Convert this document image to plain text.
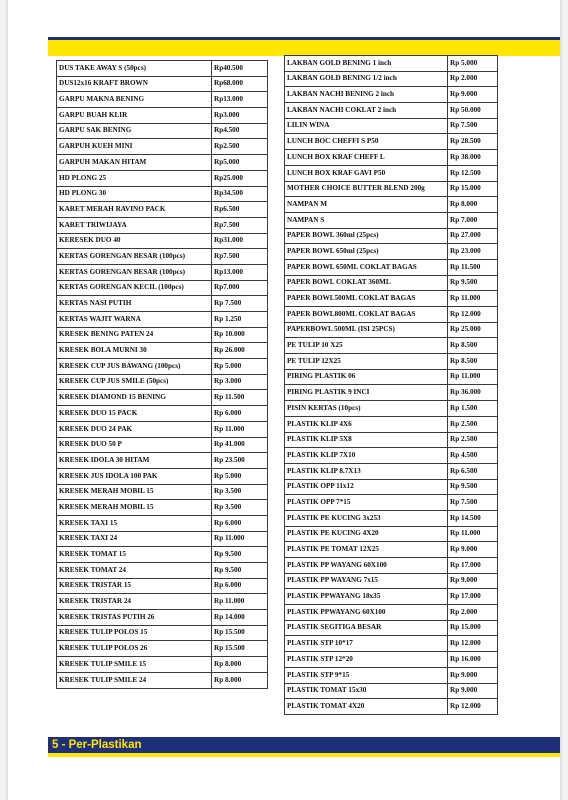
DUS TAKE AWAY S (50pcs)	Rp40.500
DUS12x16 KRAFT BROWN	Rp68.000
GARPU MAKNA BENING	Rp13.000
GARPU BUAH KLIR	Rp3.000
GARPU SAK BENING	Rp4.500
GARPUH KUEH MINI	Rp2.500
GARPUH MAKAN HITAM	Rp5.000
HD PLONG 25	Rp25.000
HD PLONG 30	Rp34.500
KARET MERAH RAVINO PACK	Rp6.500
KARET TRIWIJAYA	Rp7.500
KERESEK DUO 40	Rp31.000
KERTAS GORENGAN BESAR (100pcs)	Rp7.500
KERTAS GORENGAN BESAR (100pcs)	Rp13.000
KERTAS GORENGAN KECIL (100pcs)	Rp7.000
KERTAS NASI PUTIH	Rp 7.500
KERTAS WAJIT WARNA	Rp 1.250
KRESEK BENING PATEN 24	Rp 10.000
KRESEK BOLA MURNI 30	Rp 26.000
KRESEK CUP JUS BAWANG (100pcs)	Rp 5.000
KRESEK CUP JUS SMILE (50pcs)	Rp 3.000
KRESEK DIAMOND 15 BENING	Rp 11.500
KRESEK DUO 15 PACK	Rp 6.000
KRESEK DUO 24 PAK	Rp 11.000
KRESEK DUO 50 P	Rp 41.000
KRESEK IDOLA 30 HITAM	Rp 23.500
KRESEK JUS IDOLA 100 PAK	Rp 5.000
KRESEK MERAH MOBIL 15	Rp 3.500
KRESEK MERAH MOBIL 15	Rp 3.500
KRESEK TAXI 15	Rp 6.000
KRESEK TAXI 24	Rp 11.000
KRESEK TOMAT 15	Rp 9.500
KRESEK TOMAT 24	Rp 9.500
KRESEK TRISTAR 15	Rp 6.000
KRESEK TRISTAR 24	Rp 11.000
KRESEK TRISTAS PUTIH 26	Rp 14.000
KRESEK TULIP POLOS 15	Rp 15.500
KRESEK TULIP POLOS 26	Rp 15.500
KRESEK TULIP SMILE 15	Rp 8.000
KRESEK TULIP SMILE 24	Rp 8.000
LAKBAN GOLD BENING 1 inch	Rp 5.000
LAKBAN GOLD BENING 1/2 inch	Rp 2.000
LAKBAN NACHI BENING 2 inch	Rp 9.000
LAKBAN NACHI COKLAT 2 inch	Rp 50.000
LILIN WINA	Rp 7.500
LUNCH BOC CHEFFI S P50	Rp 28.500
LUNCH BOX KRAF CHEFF L	Rp 38.000
LUNCH BOX KRAF GAVI P50	Rp 12.500
MOTHER CHOICE BUTTER BLEND 200g	Rp 15.000
NAMPAN M	Rp 8.000
NAMPAN S	Rp 7.000
PAPER BOWL 360ml (25pcs)	Rp 27.000
PAPER BOWL 650ml (25pcs)	Rp 23.000
PAPER BOWL 650ML COKLAT BAGAS	Rp 11.500
PAPER BOWL COKLAT 360ML	Rp 9.500
PAPER BOWL500ML COKLAT BAGAS	Rp 11.000
PAPER BOWL800ML COKLAT BAGAS	Rp 12.000
PAPERBOWL 500ML (ISI 25PCS)	Rp 25.000
PE TULIP 10 X25	Rp 8.500
PE TULIP 12X25	Rp 8.500
PIRING PLASTIK 06	Rp 11.000
PIRING PLASTIK 9 INCI	Rp 36.000
PISIN KERTAS (10pcs)	Rp 1.500
PLASTIK KLIP 4X6	Rp 2.500
PLASTIK KLIP 5X8	Rp 2.500
PLASTIK KLIP 7X10	Rp 4.500
PLASTIK KLIP 8.7X13	Rp 6.500
PLASTIK OPP 11x12	Rp 9.500
PLASTIK OPP 7*15	Rp 7.500
PLASTIK PE KUCING 3x253	Rp 14.500
PLASTIK PE KUCING 4X20	Rp 11.000
PLASTIK PE TOMAT 12X25	Rp 9.000
PLASTIK PP WAYANG 60X100	Rp 17.000
PLASTIK PP WAYANG 7x15	Rp 9.000
PLASTIK PPWAYANG 18x35	Rp 17.000
PLASTIK PPWAYANG 60X100	Rp 2.000
PLASTIK SEGITIGA BESAR	Rp 15.000
PLASTIK STP 10*17	Rp 12.000
PLASTIK STP 12*20	Rp 16.000
PLASTIK STP 9*15	Rp 9.000
PLASTIK TOMAT 15x30	Rp 9.000
PLASTIK TOMAT 4X20	Rp 12.000
5 - Per-Plastikan
